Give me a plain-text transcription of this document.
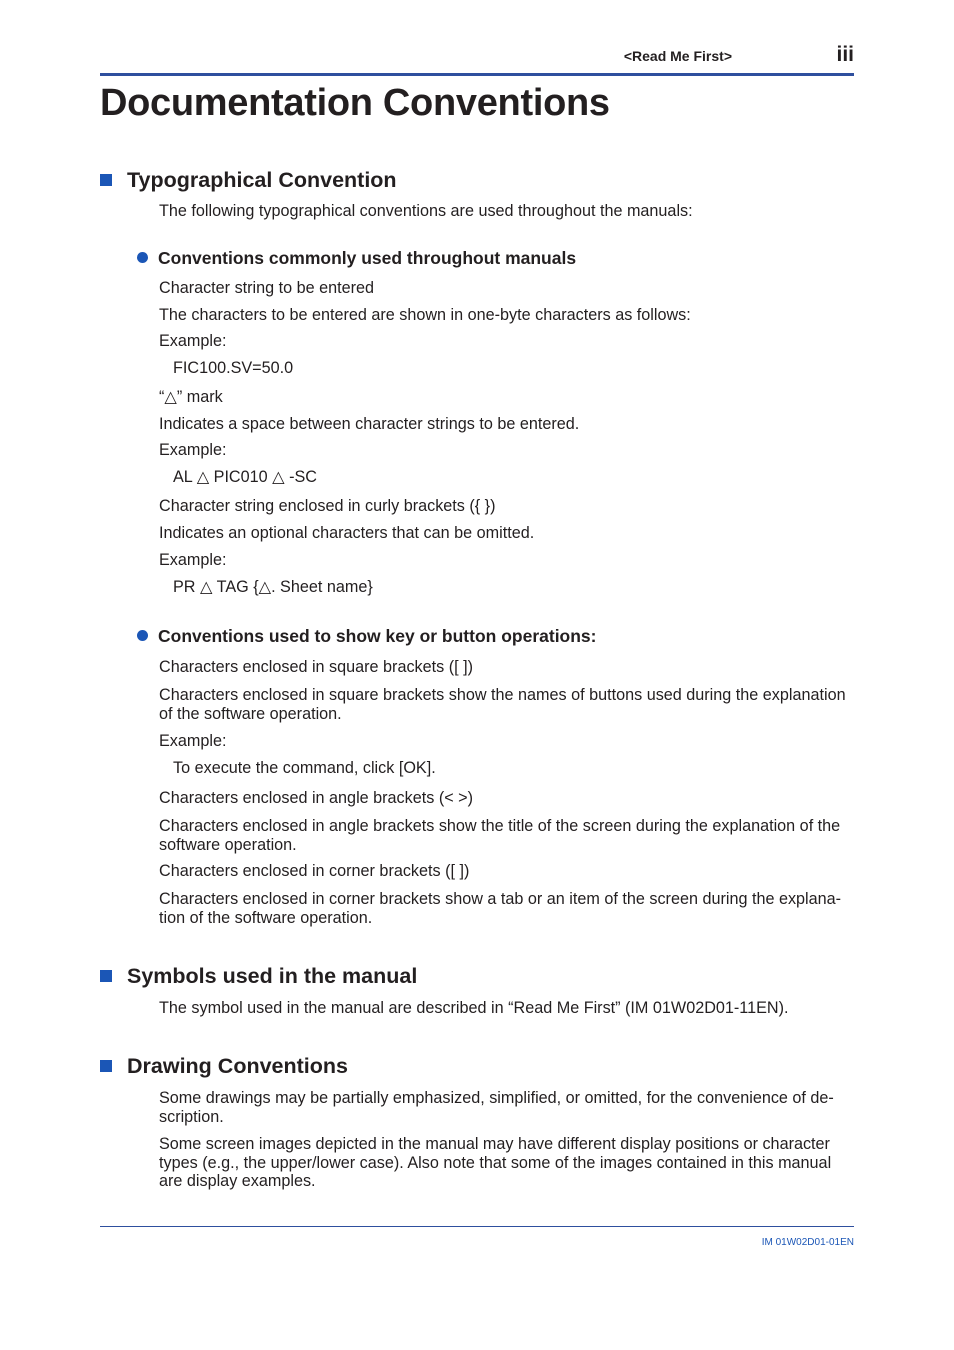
<Read Me First>	iii
Documentation Conventions
Typographical Convention
The following typographical conventions are used throughout the manuals:
Conventions commonly used throughout manuals
Character string to be entered
The characters to be entered are shown in one-byte characters as follows:
Example:
FIC100.SV=50.0
“△” mark
Indicates a space between character strings to be entered.
Example:
AL △ PIC010 △ -SC
Character string enclosed in curly brackets ({ })
Indicates an optional characters that can be omitted.
Example:
PR △ TAG {△. Sheet name}
Conventions used to show key or button operations:
Characters enclosed in square brackets ([ ])
Characters enclosed in square brackets show the names of buttons used during the explanation of the software operation.
Example:
To execute the command, click [OK].
Characters enclosed in angle brackets (< >)
Characters enclosed in angle brackets show the title of the screen during the explanation of the software operation.
Characters enclosed in corner brackets ([ ])
Characters enclosed in corner brackets show a tab or an item of the screen during the explana-tion of the software operation.
Symbols used in the manual
The symbol used in the manual are described in “Read Me First” (IM 01W02D01-11EN).
Drawing Conventions
Some drawings may be partially emphasized, simplified, or omitted, for the convenience of de-scription.
Some screen images depicted in the manual may have different display positions or character types (e.g., the upper/lower case). Also note that some of the images contained in this manual are display examples.
IM 01W02D01-01EN
